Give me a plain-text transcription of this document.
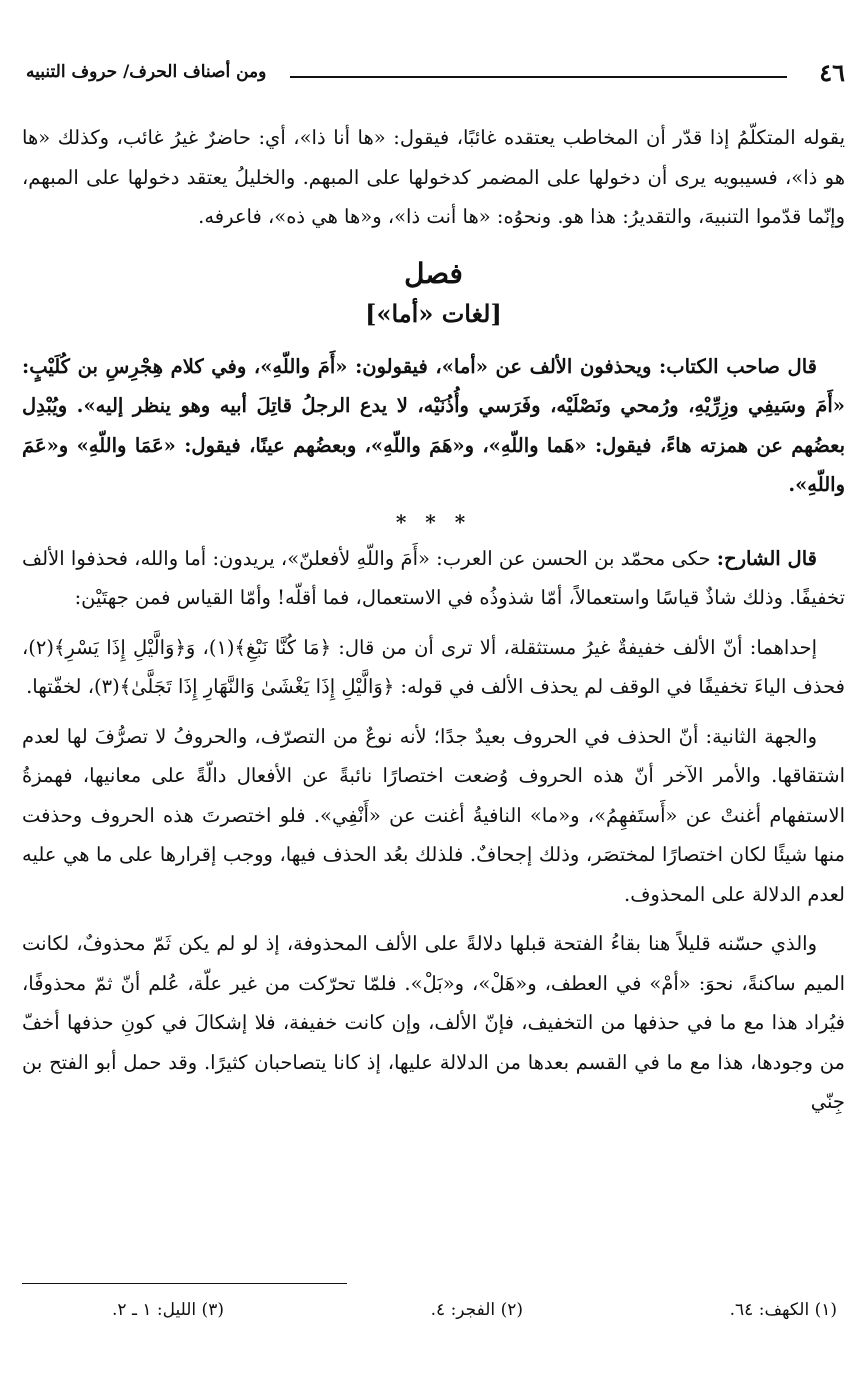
٤٦
ومن أصناف الحرف/ حروف التنبيه

يقوله المتكلّمُ إذا قدّر أن المخاطب يعتقده غائبًا، فيقول: «ها أنا ذا»، أي: حاضرٌ غيرُ غائب، وكذلك «ها هو ذا»، فسيبويه يرى أن دخولها على المضمر كدخولها على المبهم. والخليلُ يعتقد دخولها على المبهم، وإنّما قدّموا التنبيهَ، والتقديرُ: هذا هو. ونحوُه: «ها أنت ذا»، و«ها هي ذه»، فاعرفه.

فصل
[لغات «أما»]

قال صاحب الكتاب: ويحذفون الألف عن «أما»، فيقولون: «أَمَ واللّهِ»، وفي كلام هِجْرِسِ بن كُلَيْبٍ: «أَمَ وسَيفِي وزِرِّيْهِ، ورُمحي ونَصْلَيْه، وفَرَسي وأُذُنَيْه، لا يدع الرجلُ قاتِلَ أبيه وهو ينظر إليه». ويُبْدِل بعضُهم عن همزته هاءً، فيقول: «هَما واللّهِ»، و«هَمَ واللّهِ»، وبعضُهم عينًا، فيقول: «عَمَا واللّهِ» و«عَمَ واللّهِ».

* * *

قال الشارح: حكى محمّد بن الحسن عن العرب: «أَمَ واللّهِ لأفعلنّ»، يريدون: أما والله، فحذفوا الألف تخفيفًا. وذلك شاذٌ قياسًا واستعمالاً، أمّا شذوذُه في الاستعمال، فما أقلّه! وأمّا القياس فمن جهتَيْن:

إحداهما: أنّ الألف خفيفةٌ غيرُ مستثقلة، ألا ترى أن من قال: ﴿مَا كُنَّا نَبْغِ﴾(١)، وَ﴿وَالَّيْلِ إِذَا يَسْرِ﴾(٢)، فحذف الياءَ تخفيفًا في الوقف لم يحذف الألف في قوله: ﴿وَالَّيْلِ إِذَا يَغْشَىٰ وَالنَّهَارِ إِذَا تَجَلَّىٰ﴾(٣)، لخفّتها.

والجهة الثانية: أنّ الحذف في الحروف بعيدٌ جدًا؛ لأنه نوعٌ من التصرّف، والحروفُ لا تصرُّفَ لها لعدم اشتقاقها. والأمر الآخر أنّ هذه الحروف وُضعت اختصارًا نائبةً عن الأفعال دالّةً على معانيها، فهمزةُ الاستفهام أغنتْ عن «أَستَفهِمُ»، و«ما» النافيةُ أغنت عن «أَنْفِي». فلو اختصرتَ هذه الحروف وحذفت منها شيئًا لكان اختصارًا لمختصَر، وذلك إجحافٌ. فلذلك بعُد الحذف فيها، ووجب إقرارها على ما هي عليه لعدم الدلالة على المحذوف.

والذي حسّنه قليلاً هنا بقاءُ الفتحة قبلها دلالةً على الألف المحذوفة، إذ لو لم يكن ثَمّ محذوفٌ، لكانت الميم ساكنةً، نحوَ: «أمْ» في العطف، و«هَلْ»، و«بَلْ». فلمّا تحرّكت من غير علّة، عُلم أنّ ثمّ محذوفًا، فيُراد هذا مع ما في حذفها من التخفيف، فإنّ الألف، وإن كانت خفيفة، فلا إشكالَ في كونِ حذفها أخفّ من وجودها، هذا مع ما في القسم بعدها من الدلالة عليها، إذ كانا يتصاحبان كثيرًا. وقد حمل أبو الفتح بن جِنّي

(١) الكهف: ٦٤.
(٢) الفجر: ٤.
(٣) الليل: ١ ـ ٢.
